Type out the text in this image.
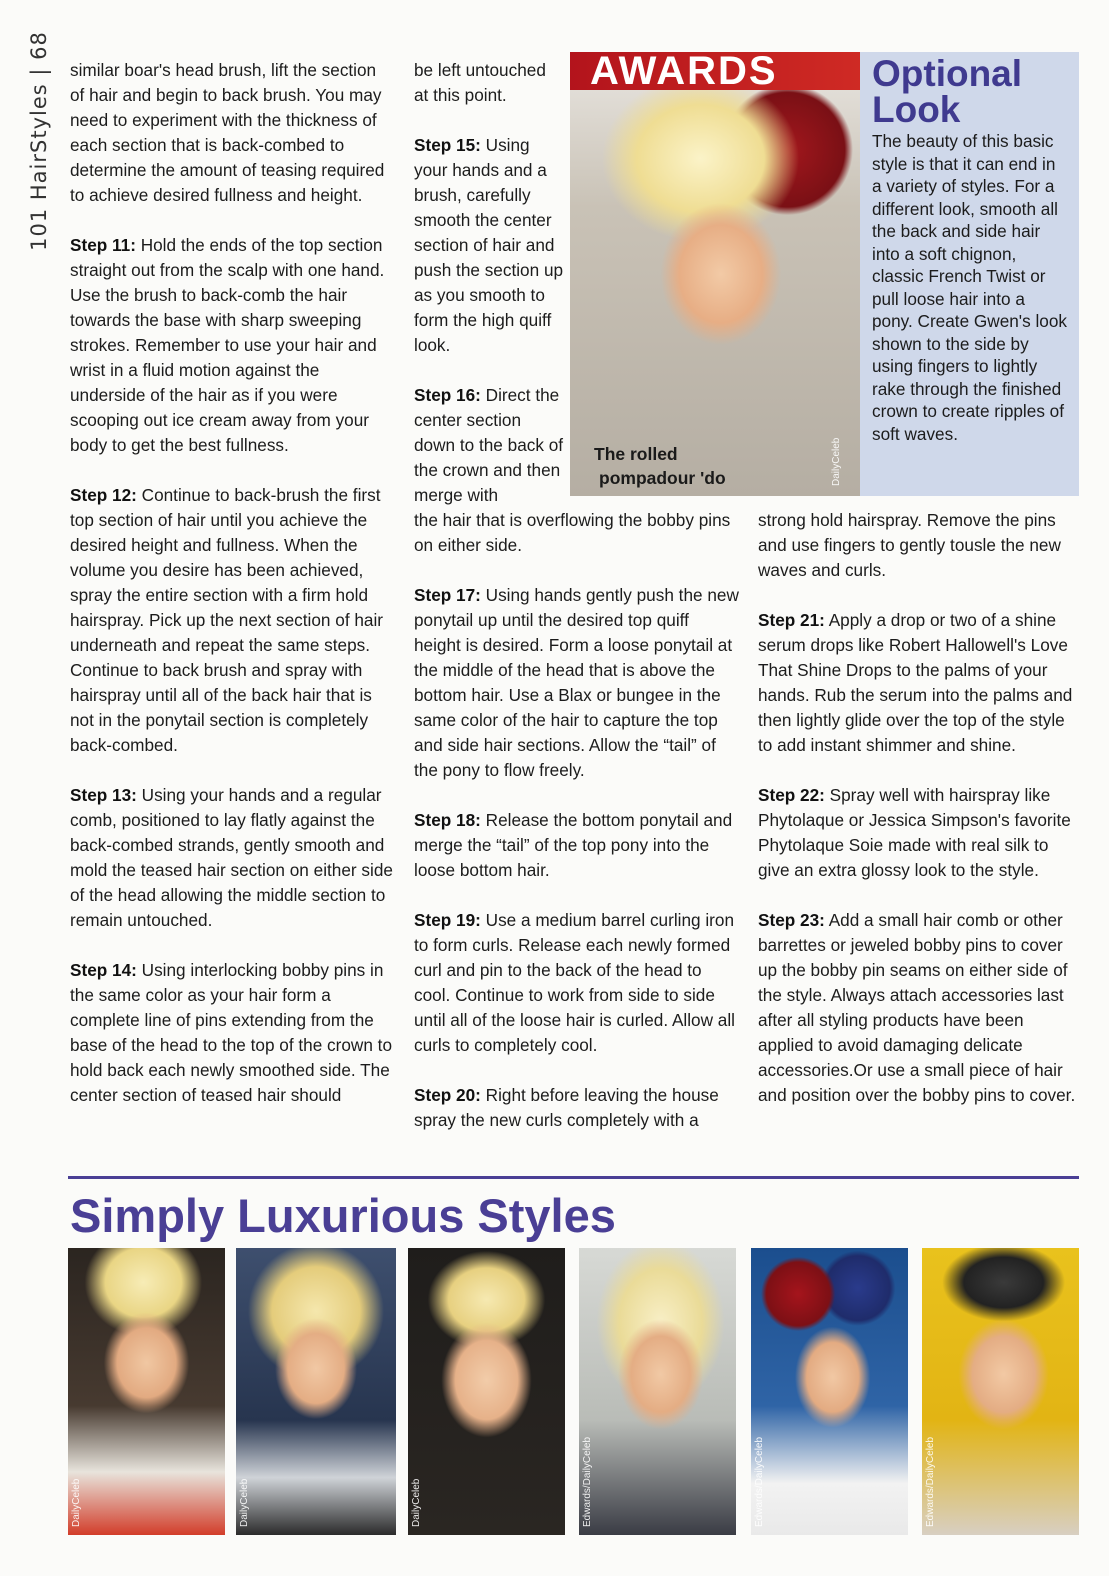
101 HairStyles | 68 similar boar's head brush, lift the section of hair and begin to back brush. You may need to experiment with the thickness of each section that is back-combed to determine the amount of teasing required to achieve desired fullness and height.

Step 11: Hold the ends of the top section straight out from the scalp with one hand. Use the brush to back-comb the hair towards the base with sharp sweeping strokes. Remember to use your hair and wrist in a fluid motion against the underside of the hair as if you were scooping out ice cream away from your body to get the best fullness.

Step 12: Continue to back-brush the first top section of hair until you achieve the desired height and fullness. When the volume you desire has been achieved, spray the entire section with a firm hold hairspray. Pick up the next section of hair underneath and repeat the same steps. Continue to back brush and spray with hairspray until all of the back hair that is not in the ponytail section is completely back-combed.

Step 13: Using your hands and a regular comb, positioned to lay flatly against the back-combed strands, gently smooth and mold the teased hair section on either side of the head allowing the middle section to remain untouched.

Step 14: Using interlocking bobby pins in the same color as your hair form a complete line of pins extending from the base of the head to the top of the crown to hold back each newly smoothed side. The center section of teased hair should

be left untouched at this point.

Step 15: Using your hands and a brush, carefully smooth the center section of hair and push the section up as you smooth to form the high quiff look.

Step 16: Direct the center section down to the back of the crown and then merge with

the hair that is overflowing the bobby pins on either side.

Step 17: Using hands gently push the new ponytail up until the desired top quiff height is desired. Form a loose ponytail at the middle of the head that is above the bottom hair. Use a Blax or bungee in the same color of the hair to capture the top and side hair sections. Allow the “tail” of the pony to flow freely.

Step 18: Release the bottom ponytail and merge the “tail” of the top pony into the loose bottom hair.

Step 19: Use a medium barrel curling iron to form curls. Release each newly formed curl and pin to the back of the head to cool. Continue to work from side to side until all of the loose hair is curled. Allow all curls to completely cool.

Step 20: Right before leaving the house spray the new curls completely with a

strong hold hairspray. Remove the pins and use fingers to gently tousle the new waves and curls.

Step 21: Apply a drop or two of a shine serum drops like Robert Hallowell's Love That Shine Drops to the palms of your hands. Rub the serum into the palms and then lightly glide over the top of the style to add instant shimmer and shine.

Step 22: Spray well with hairspray like Phytolaque or Jessica Simpson's favorite Phytolaque Soie made with real silk to give an extra glossy look to the style.

Step 23: Add a small hair comb or other barrettes or jeweled bobby pins to cover up the bobby pin seams on either side of the style. Always attach accessories last after all styling products have been applied to avoid damaging delicate accessories.Or use a small piece of hair and position over the bobby pins to cover.

AWARDS
The rolled
pompadour 'do	DailyCeleb
Optional
Look

The beauty of this basic style is that it can end in a variety of styles. For a different look, smooth all the back and side hair into a soft chignon, classic French Twist or pull loose hair into a pony. Create Gwen's look shown to the side by using fingers to lightly rake through the finished crown to create ripples of soft waves.

Simply Luxurious Styles
DailyCeleb	DailyCeleb	DailyCeleb	Edwards/DailyCeleb	Edwards/DailyCeleb	Edwards/DailyCeleb
